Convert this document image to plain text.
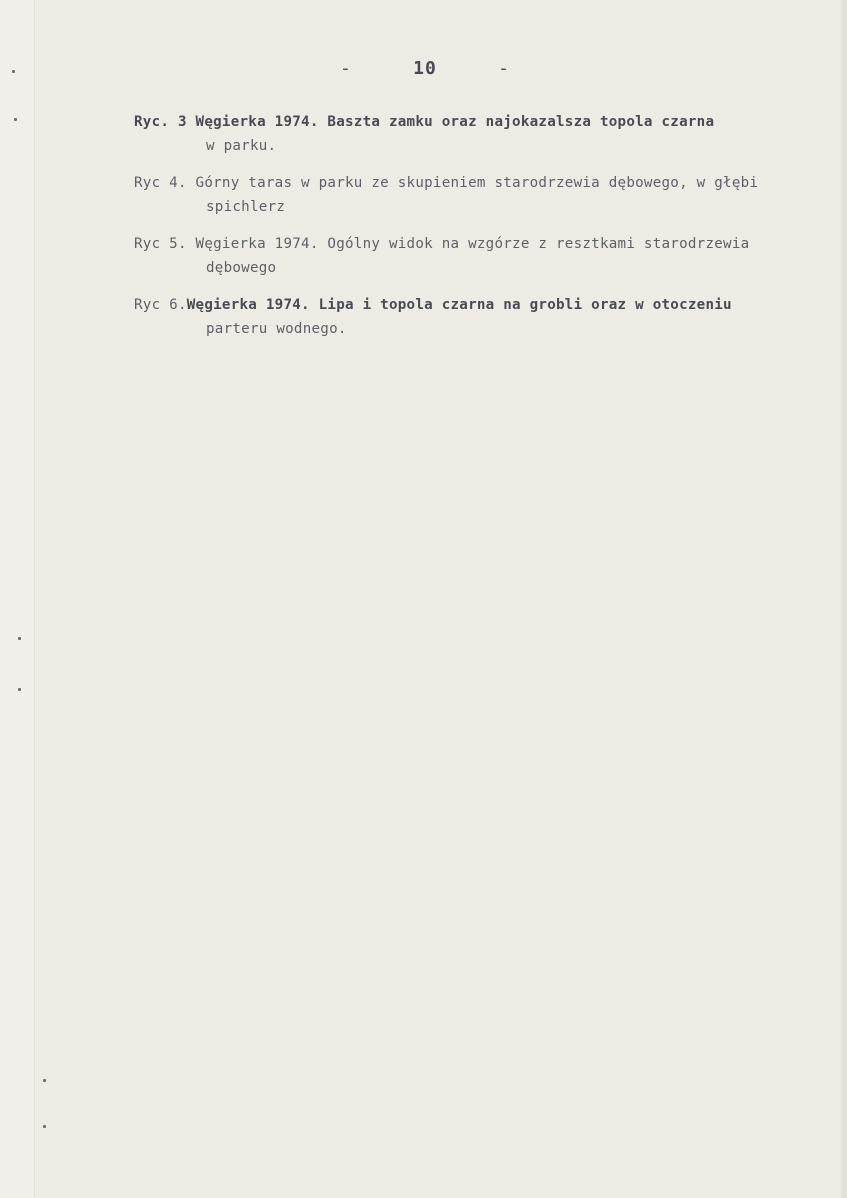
-	10	-
Ryc. 3 Węgierka 1974. Baszta zamku oraz najokazalsza topola czarna
w parku.
Ryc 4. Górny taras w parku ze skupieniem starodrzewia dębowego, w głębi
spichlerz
Ryc 5. Węgierka 1974. Ogólny widok na wzgórze z resztkami starodrzewia
dębowego
Ryc 6.Węgierka 1974. Lipa i topola czarna na grobli oraz w otoczeniu
parteru wodnego.
